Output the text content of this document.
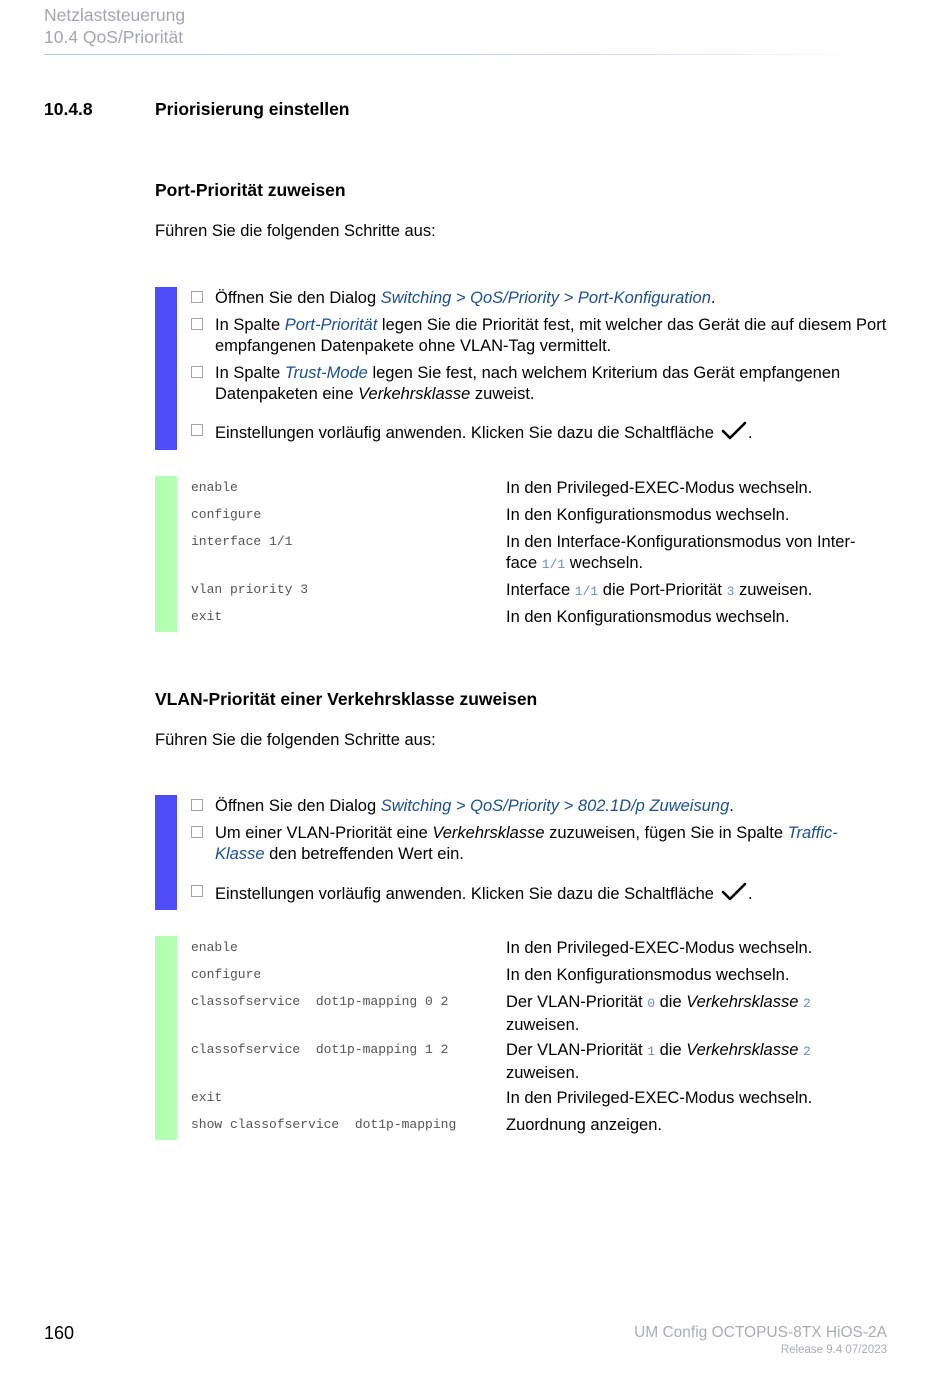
Netzlaststeuerung
10.4 QoS/Priorität
10.4.8	Priorisierung einstellen
Port-Priorität zuweisen
Führen Sie die folgenden Schritte aus:
Öffnen Sie den Dialog Switching > QoS/Priority > Port-Konfiguration.
In Spalte Port-Priorität legen Sie die Priorität fest, mit welcher das Gerät die auf diesem Port empfangenen Datenpakete ohne VLAN-Tag vermittelt.
In Spalte Trust-Mode legen Sie fest, nach welchem Kriterium das Gerät empfangenen Datenpaketen eine Verkehrsklasse zuweist.
Einstellungen vorläufig anwenden. Klicken Sie dazu die Schaltfläche .
enable	In den Privileged-EXEC-Modus wechseln.
configure	In den Konfigurationsmodus wechseln.
interface 1/1	In den Interface-Konfigurationsmodus von Inter-
face 1/1 wechseln.
vlan priority 3	Interface 1/1 die Port-Priorität 3 zuweisen.
exit	In den Konfigurationsmodus wechseln.
VLAN-Priorität einer Verkehrsklasse zuweisen
Führen Sie die folgenden Schritte aus:
Öffnen Sie den Dialog Switching > QoS/Priority > 802.1D/p Zuweisung.
Um einer VLAN-Priorität eine Verkehrsklasse zuzuweisen, fügen Sie in Spalte Traffic-
Klasse den betreffenden Wert ein.
Einstellungen vorläufig anwenden. Klicken Sie dazu die Schaltfläche .
enable	In den Privileged-EXEC-Modus wechseln.
configure	In den Konfigurationsmodus wechseln.
classofservice  dot1p-mapping 0 2	Der VLAN-Priorität 0 die Verkehrsklasse 2
zuweisen.
classofservice  dot1p-mapping 1 2	Der VLAN-Priorität 1 die Verkehrsklasse 2
zuweisen.
exit	In den Privileged-EXEC-Modus wechseln.
show classofservice  dot1p-mapping	Zuordnung anzeigen.
160	UM Config OCTOPUS-8TX HiOS-2A
Release 9.4 07/2023
